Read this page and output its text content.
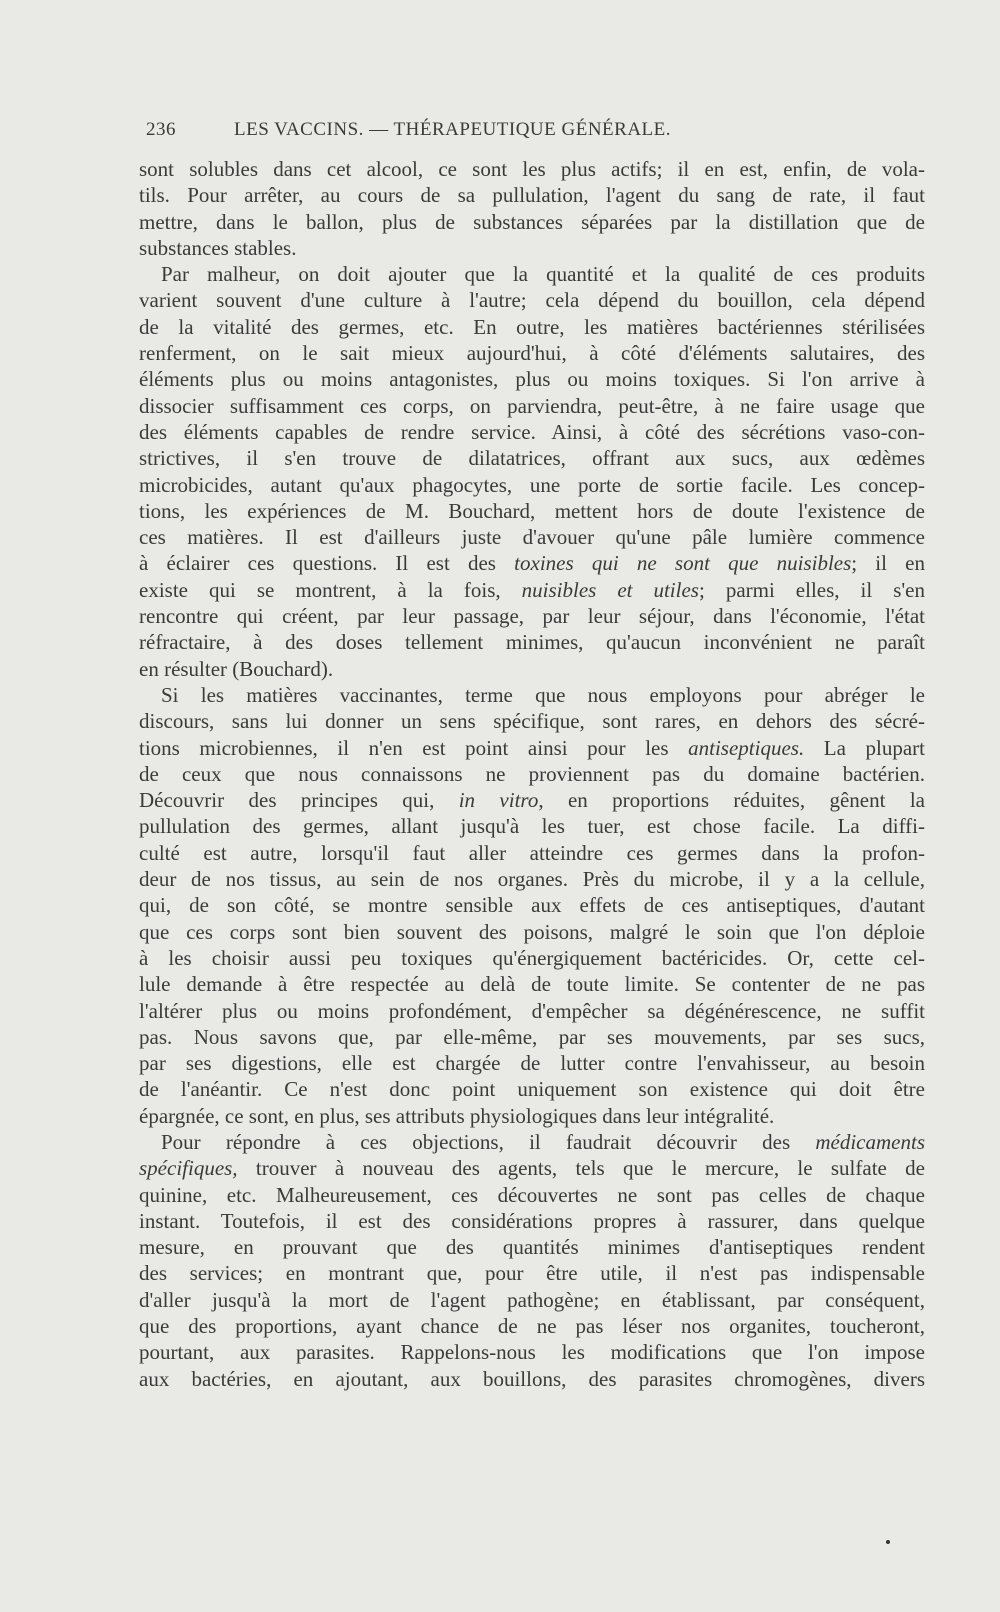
236	LES VACCINS. — THÉRAPEUTIQUE GÉNÉRALE.
sont solubles dans cet alcool, ce sont les plus actifs; il en est, enfin, de vola-
tils. Pour arrêter, au cours de sa pullulation, l'agent du sang de rate, il faut
mettre, dans le ballon, plus de substances séparées par la distillation que de
substances stables.
Par malheur, on doit ajouter que la quantité et la qualité de ces produits
varient souvent d'une culture à l'autre; cela dépend du bouillon, cela dépend
de la vitalité des germes, etc. En outre, les matières bactériennes stérilisées
renferment, on le sait mieux aujourd'hui, à côté d'éléments salutaires, des
éléments plus ou moins antagonistes, plus ou moins toxiques. Si l'on arrive à
dissocier suffisamment ces corps, on parviendra, peut-être, à ne faire usage que
des éléments capables de rendre service. Ainsi, à côté des sécrétions vaso-con-
strictives, il s'en trouve de dilatatrices, offrant aux sucs, aux œdèmes
microbicides, autant qu'aux phagocytes, une porte de sortie facile. Les concep-
tions, les expériences de M. Bouchard, mettent hors de doute l'existence de
ces matières. Il est d'ailleurs juste d'avouer qu'une pâle lumière commence
à éclairer ces questions. Il est des toxines qui ne sont que nuisibles; il en
existe qui se montrent, à la fois, nuisibles et utiles; parmi elles, il s'en
rencontre qui créent, par leur passage, par leur séjour, dans l'économie, l'état
réfractaire, à des doses tellement minimes, qu'aucun inconvénient ne paraît
en résulter (Bouchard).
Si les matières vaccinantes, terme que nous employons pour abréger le
discours, sans lui donner un sens spécifique, sont rares, en dehors des sécré-
tions microbiennes, il n'en est point ainsi pour les antiseptiques. La plupart
de ceux que nous connaissons ne proviennent pas du domaine bactérien.
Découvrir des principes qui, in vitro, en proportions réduites, gênent la
pullulation des germes, allant jusqu'à les tuer, est chose facile. La diffi-
culté est autre, lorsqu'il faut aller atteindre ces germes dans la profon-
deur de nos tissus, au sein de nos organes. Près du microbe, il y a la cellule,
qui, de son côté, se montre sensible aux effets de ces antiseptiques, d'autant
que ces corps sont bien souvent des poisons, malgré le soin que l'on déploie
à les choisir aussi peu toxiques qu'énergiquement bactéricides. Or, cette cel-
lule demande à être respectée au delà de toute limite. Se contenter de ne pas
l'altérer plus ou moins profondément, d'empêcher sa dégénérescence, ne suffit
pas. Nous savons que, par elle-même, par ses mouvements, par ses sucs,
par ses digestions, elle est chargée de lutter contre l'envahisseur, au besoin
de l'anéantir. Ce n'est donc point uniquement son existence qui doit être
épargnée, ce sont, en plus, ses attributs physiologiques dans leur intégralité.
Pour répondre à ces objections, il faudrait découvrir des médicaments
spécifiques, trouver à nouveau des agents, tels que le mercure, le sulfate de
quinine, etc. Malheureusement, ces découvertes ne sont pas celles de chaque
instant. Toutefois, il est des considérations propres à rassurer, dans quelque
mesure, en prouvant que des quantités minimes d'antiseptiques rendent
des services; en montrant que, pour être utile, il n'est pas indispensable
d'aller jusqu'à la mort de l'agent pathogène; en établissant, par conséquent,
que des proportions, ayant chance de ne pas léser nos organites, toucheront,
pourtant, aux parasites. Rappelons-nous les modifications que l'on impose
aux bactéries, en ajoutant, aux bouillons, des parasites chromogènes, divers
